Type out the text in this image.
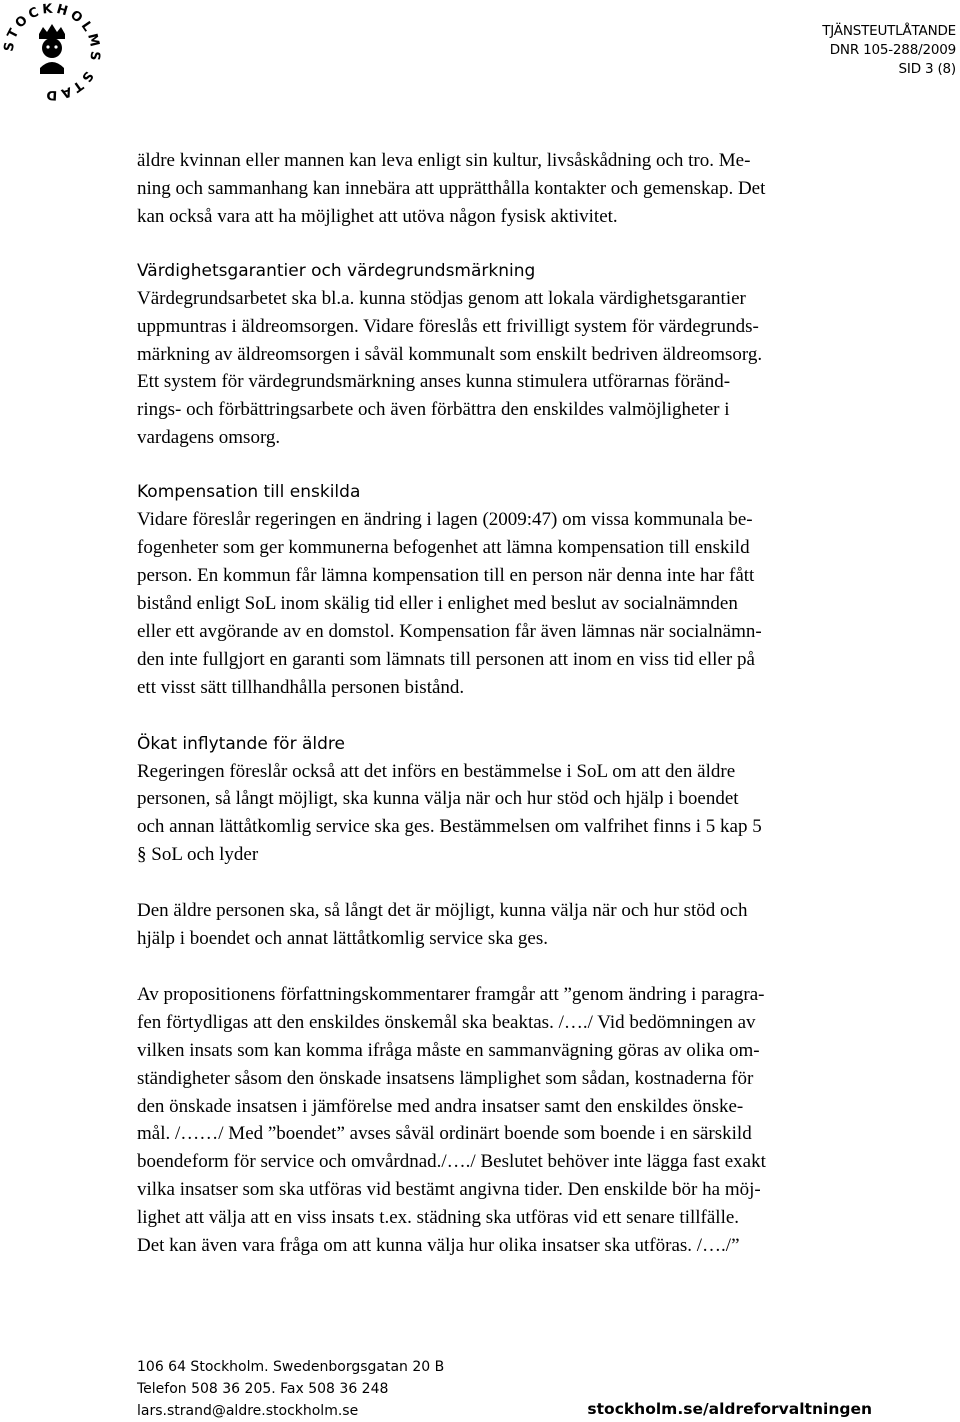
STOCKHOLMS STAD
TJÄNSTEUTLÅTANDE
DNR 105-288/2009
SID 3 (8)
äldre kvinnan eller mannen kan leva enligt sin kultur, livsåskådning och tro. Me-
ning och sammanhang kan innebära att upprätthålla kontakter och gemenskap. Det
kan också vara att ha möjlighet att utöva någon fysisk aktivitet.
Värdighetsgarantier och värdegrundsmärkning
Värdegrundsarbetet ska bl.a. kunna stödjas genom att lokala värdighetsgarantier
uppmuntras i äldreomsorgen. Vidare föreslås ett frivilligt system för värdegrunds-
märkning av äldreomsorgen i såväl kommunalt som enskilt bedriven äldreomsorg.
Ett system för värdegrundsmärkning anses kunna stimulera utförarnas föränd-
rings- och förbättringsarbete och även förbättra den enskildes valmöjligheter i
vardagens omsorg.
Kompensation till enskilda
Vidare föreslår regeringen en ändring i lagen (2009:47) om vissa kommunala be-
fogenheter som ger kommunerna befogenhet att lämna kompensation till enskild
person. En kommun får lämna kompensation till en person när denna inte har fått
bistånd enligt SoL inom skälig tid eller i enlighet med beslut av socialnämnden
eller ett avgörande av en domstol. Kompensation får även lämnas när socialnämn-
den inte fullgjort en garanti som lämnats till personen att inom en viss tid eller på
ett visst sätt tillhandhålla personen bistånd.
Ökat inflytande för äldre
Regeringen föreslår också att det införs en bestämmelse i SoL om att den äldre
personen, så långt möjligt, ska kunna välja när och hur stöd och hjälp i boendet
och annan lättåtkomlig service ska ges. Bestämmelsen om valfrihet finns i 5 kap 5
§ SoL och lyder
Den äldre personen ska, så långt det är möjligt, kunna välja när och hur stöd och
hjälp i boendet och annat lättåtkomlig service ska ges.
Av propositionens författningskommentarer framgår att ”genom ändring i paragra-
fen förtydligas att den enskildes önskemål ska beaktas. /…./ Vid bedömningen av
vilken insats som kan komma ifråga måste en sammanvägning göras av olika om-
ständigheter såsom den önskade insatsens lämplighet som sådan, kostnaderna för
den önskade insatsen i jämförelse med andra insatser samt den enskildes önske-
mål. /……/ Med ”boendet” avses såväl ordinärt boende som boende i en särskild
boendeform för service och omvårdnad./…./ Beslutet behöver inte lägga fast exakt
vilka insatser som ska utföras vid bestämt angivna tider. Den enskilde bör ha möj-
lighet att välja att en viss insats t.ex. städning ska utföras vid ett senare tillfälle.
Det kan även vara fråga om att kunna välja hur olika insatser ska utföras. /…./”
106 64 Stockholm. Swedenborgsgatan 20 B
Telefon 508 36 205. Fax 508 36 248
lars.strand@aldre.stockholm.se	stockholm.se/aldreforvaltningen
